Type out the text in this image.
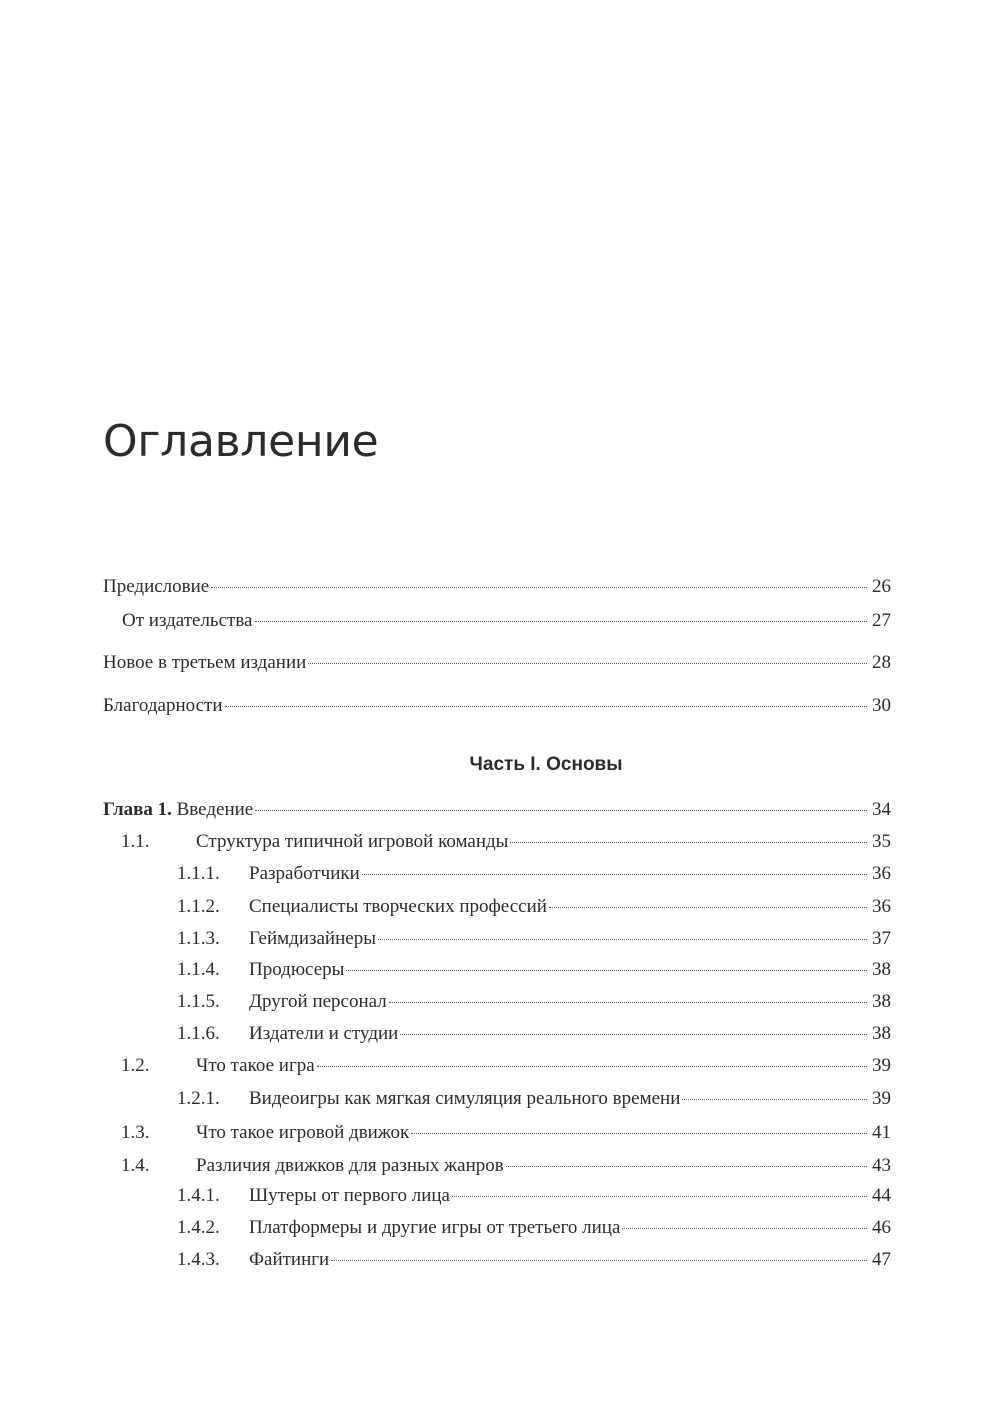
Оглавление
Предисловие	26
От издательства	27
Новое в третьем издании	28
Благодарности	30
Часть I. Основы
Глава 1. Введение	34
1.1.	Структура типичной игровой команды	35
1.1.1.	Разработчики	36
1.1.2.	Специалисты творческих профессий	36
1.1.3.	Геймдизайнеры	37
1.1.4.	Продюсеры	38
1.1.5.	Другой персонал	38
1.1.6.	Издатели и студии	38
1.2.	Что такое игра	39
1.2.1.	Видеоигры как мягкая симуляция реального времени	39
1.3.	Что такое игровой движок	41
1.4.	Различия движков для разных жанров	43
1.4.1.	Шутеры от первого лица	44
1.4.2.	Платформеры и другие игры от третьего лица	46
1.4.3.	Файтинги	47
